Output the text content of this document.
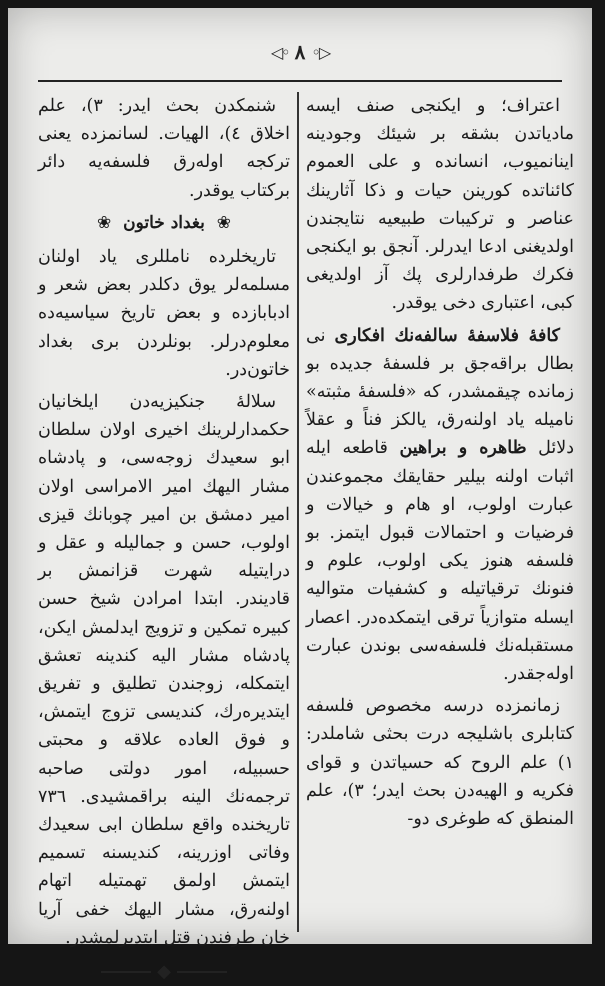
◁◦ ٨ ◦▷

اعتراف؛ و ایکنجی صنف ایسه مادیاتدن بشقه بر شیئك وجودینه اینانمیوب، انسانده و علی العموم کائناتده کورینن حیات و ذکا آثارینك عناصر و ترکیبات طبیعیه نتایجندن اولدیغنی ادعا ایدرلر. آنجق بو ایکنجی فکرك طرفدارلری پك آز اولدیغی کبی، اعتباری دخی یوقدر.

کافهٔ فلاسفهٔ سالفه‌نك افکاری نی بطال براقه‌جق بر فلسفهٔ جدیده بو زمانده چیقمشدر، که «فلسفهٔ مثبته» نامیله یاد اولنه‌رق، یالکز فناً و عقلاً دلائل ظاهره و براهین قاطعه ایله اثبات اولنه بیلیر حقایقك مجموعندن عبارت اولوب، او هام و خیالات و فرضیات و احتمالات قبول ایتمز. بو فلسفه هنوز یکی اولوب، علوم و فنونك ترقیاتیله و کشفیات متوالیه ایسله متوازیاً ترقی ایتمکده‌در. اعصار مستقبله‌نك فلسفه‌سی بوندن عبارت اوله‌جقدر.

زمانمزده درسه مخصوص فلسفه کتابلری باشلیجه درت بحثی شاملدر: ١) علم الروح که حسیاتدن و قوای فکریه و الهیه‌دن بحث ایدر؛ ٣)، علم المنطق که طوغری دو-

شنمکدن بحث ایدر: ٣)، علم اخلاق ٤)، الهیات. لسانمزده یعنی ترکجه اوله‌رق فلسفه‌یه دائر برکتاب یوقدر.

❀ بغداد خاتون ❀

تاریخلرده نامللری یاد اولنان مسلمه‌لر یوق دکلدر بعض شعر و ادبابازده و بعض تاریخ سیاسیه‌ده معلوم‌درلر. بونلردن بری بغداد خاتون‌در.

سلالهٔ جنکیزیه‌دن ایلخانیان حکمدارلرینك اخیری اولان سلطان ابو سعیدك زوجه‌سی، و پادشاه مشار الیهك امیر الامراسی اولان امیر دمشق بن امیر چوبانك قیزی اولوب، حسن و جمالیله و عقل و درایتیله شهرت قزانمش بر قادیندر. ابتدا امرادن شیخ حسن کبیره تمکین و تزویج ایدلمش ایکن، پادشاه مشار الیه کندینه تعشق ایتمکله، زوجندن تطلیق و تفریق ایتدیره‌رك، کندیسی تزوج ایتمش، و فوق العاده علاقه و محبتی حسبیله، امور دولتی صاحبه ترجمه‌نك الینه براقمشیدی. ٧٣٦ تاریخنده واقع سلطان ابی سعیدك وفاتی اوزرینه، کندیسنه تسمیم ایتمش اولمق تهمتیله اتهام اولنه‌رق، مشار الیهك خفی آریا خان طرفندن قتل ایتدیرلمشدر.

◆
